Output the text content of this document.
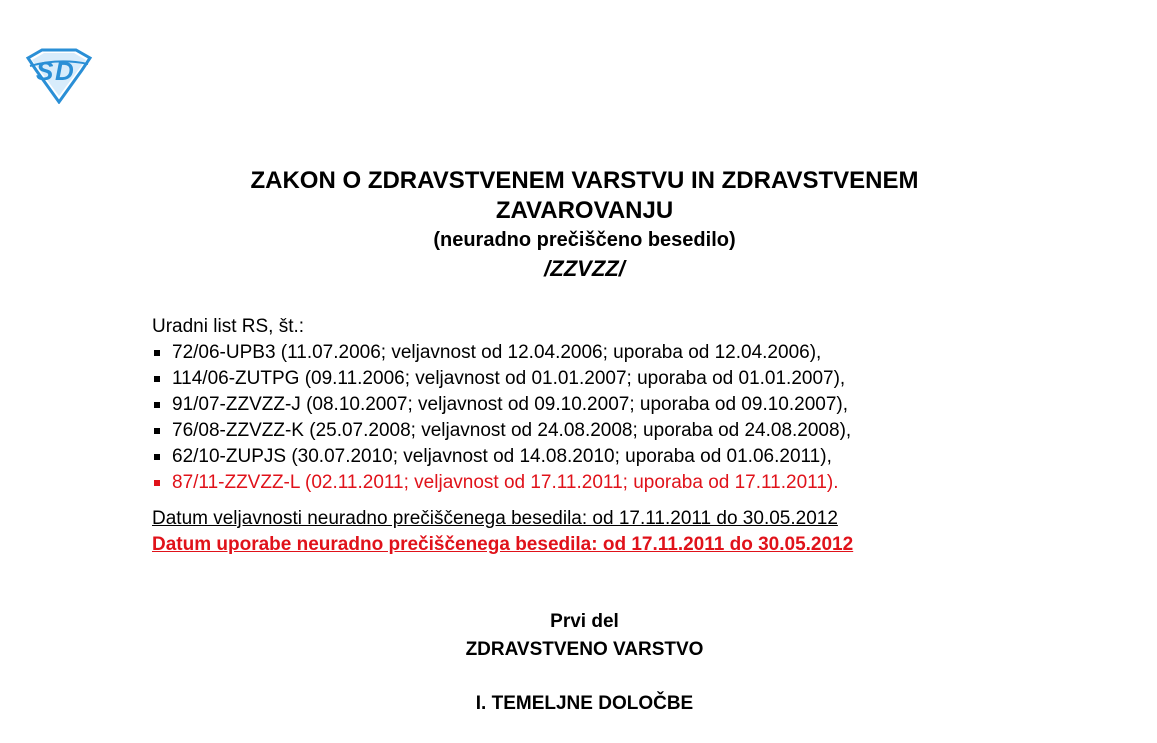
S D
ZAKON O ZDRAVSTVENEM VARSTVU IN ZDRAVSTVENEM
ZAVAROVANJU
(neuradno prečiščeno besedilo)
/ZZVZZ/
Uradni list RS, št.:
72/06-UPB3 (11.07.2006; veljavnost od 12.04.2006; uporaba od 12.04.2006),
114/06-ZUTPG (09.11.2006; veljavnost od 01.01.2007; uporaba od 01.01.2007),
91/07-ZZVZZ-J (08.10.2007; veljavnost od 09.10.2007; uporaba od 09.10.2007),
76/08-ZZVZZ-K (25.07.2008; veljavnost od 24.08.2008; uporaba od 24.08.2008),
62/10-ZUPJS (30.07.2010; veljavnost od 14.08.2010; uporaba od 01.06.2011),
87/11-ZZVZZ-L (02.11.2011; veljavnost od 17.11.2011; uporaba od 17.11.2011).
Datum veljavnosti neuradno prečiščenega besedila: od 17.11.2011 do 30.05.2012
Datum uporabe neuradno prečiščenega besedila: od 17.11.2011 do 30.05.2012
Prvi del
ZDRAVSTVENO VARSTVO
I. TEMELJNE DOLOČBE
